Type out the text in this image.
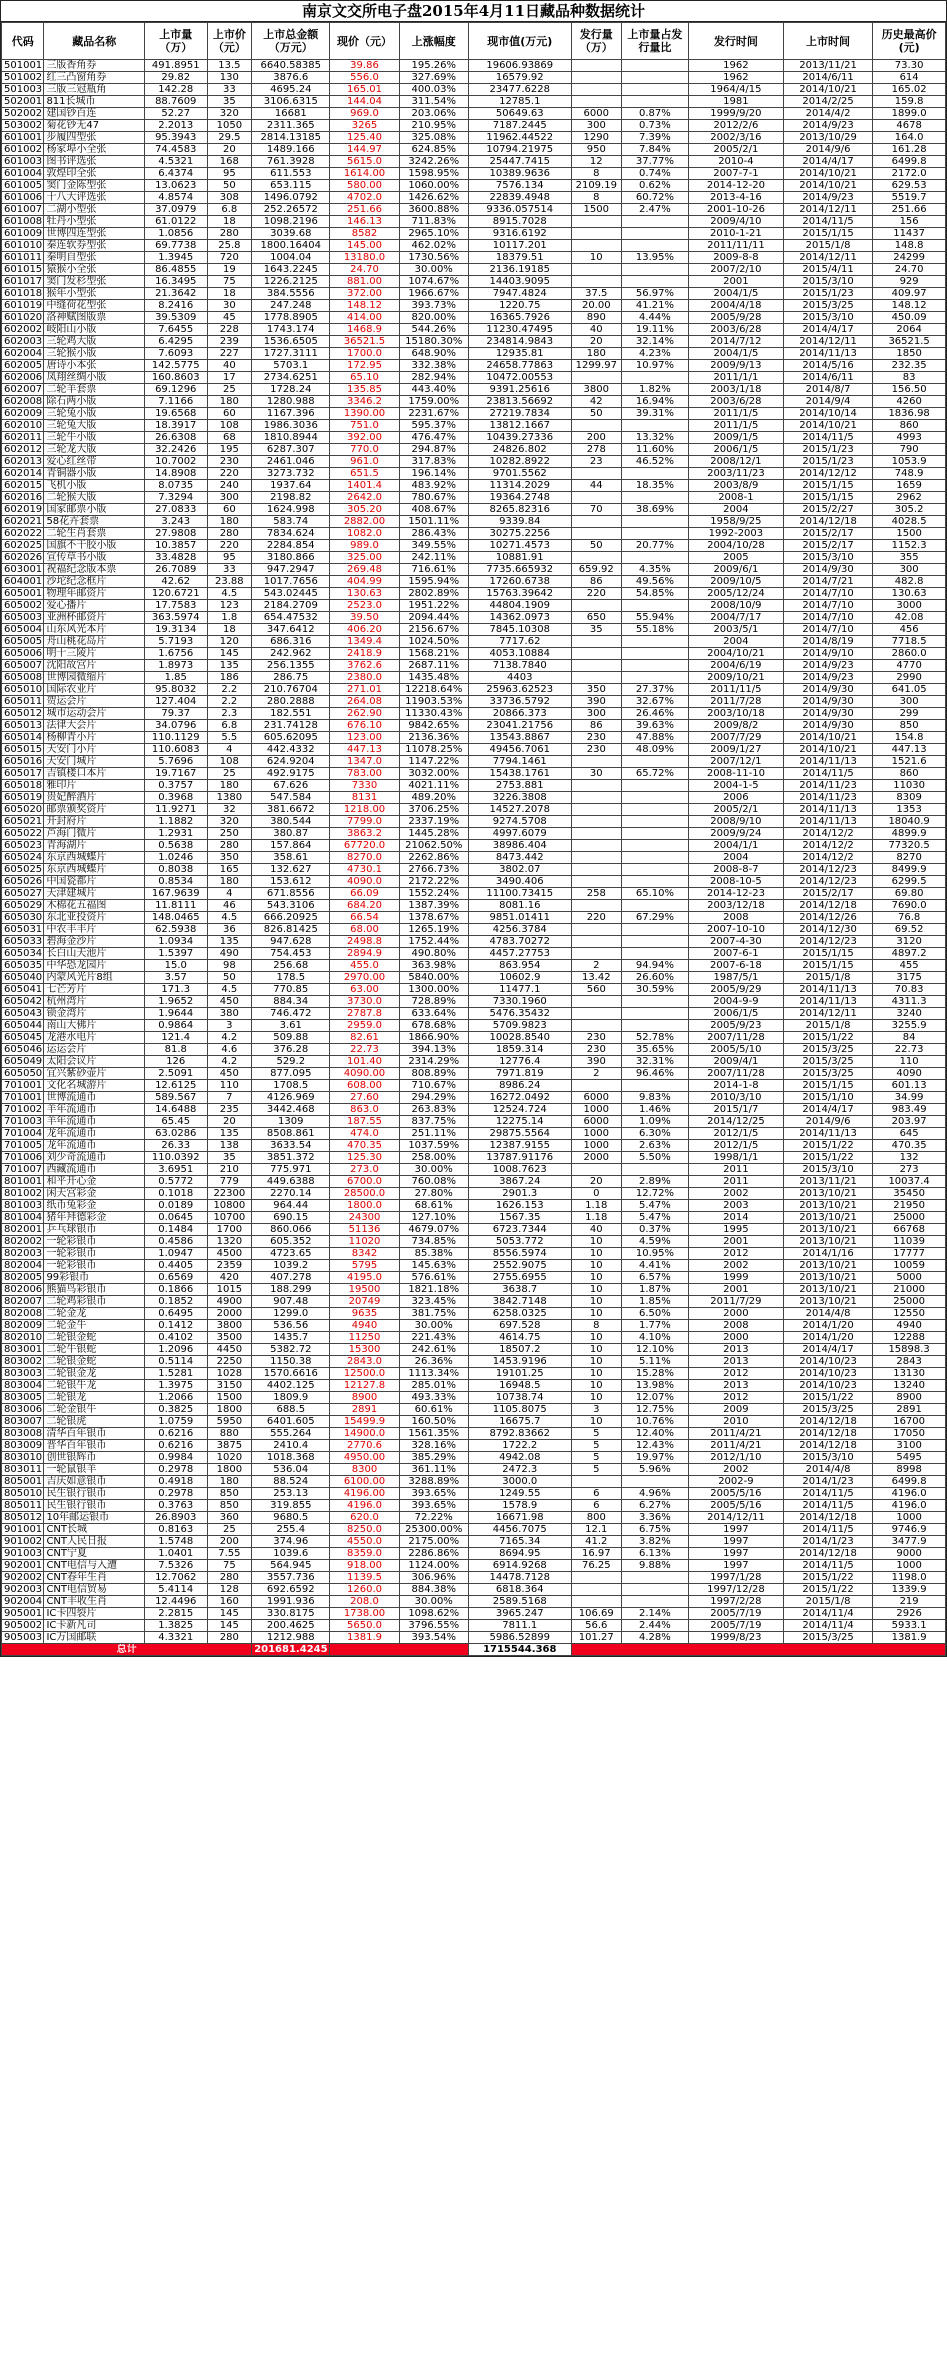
南京文交所电子盘2015年4月11日藏品种数据统计
代码	藏品名称	上市量（万）	上市价（元）	上市总金额（万元）	现价（元）	上涨幅度	现市值(万元)	发行量（万）	上市量占发行量比	发行时间	上市时间	历史最高价(元)
501001	三版香角券	491.8951	13.5	6640.58385	39.86	195.26%	19606.93869			1962	2013/11/21	73.30
501002	红三凸窗角券	29.82	130	3876.6	556.0	327.69%	16579.92			1962	2014/6/11	614
501003	三版三冠瓶角	142.28	33	4695.24	165.01	400.03%	23477.6228			1964/4/15	2014/10/21	165.02
502001	811长城币	88.7609	35	3106.6315	144.04	311.54%	12785.1			1981	2014/2/25	159.8
502002	建国钞百连	52.27	320	16681	969.0	203.06%	50649.63	6000	0.87%	1999/9/20	2014/4/2	1899.0
503002	菊花钞无47	2.2013	1050	2311.365	3265	210.95%	7187.2445	300	0.73%	2012/2/6	2014/9/23	4678
601001	步履四型张	95.3943	29.5	2814.13185	125.40	325.08%	11962.44522	1290	7.39%	2002/3/16	2013/10/29	164.0
601002	杨家埠小全张	74.4583	20	1489.166	144.97	624.85%	10794.21975	950	7.84%	2005/2/1	2014/9/6	161.28
601003	图书评选张	4.5321	168	761.3928	5615.0	3242.26%	25447.7415	12	37.77%	2010-4	2014/4/17	6499.8
601004	敦煌印全张	6.4374	95	611.553	1614.00	1598.95%	10389.9636	8	0.74%	2007-7-1	2014/10/21	2172.0
601005	窦门金陈型张	13.0623	50	653.115	580.00	1060.00%	7576.134	2109.19	0.62%	2014-12-20	2014/10/21	629.53
601006	十八大评选张	4.8574	308	1496.0792	4702.0	1426.62%	22839.4948	8	60.72%	2013-4-16	2014/9/23	5519.7
601007	二湖小型张	37.0979	6.8	252.26572	251.66	3600.88%	9336.057514	1500	2.47%	2001-10-26	2014/12/11	251.66
601008	牡丹小型张	61.0122	18	1098.2196	146.13	711.83%	8915.7028			2009/4/10	2014/11/5	156
601009	世博四连型张	1.0856	280	3039.68	8582	2965.10%	9316.6192			2010-1-21	2015/1/15	11437
601010	秦连软券型张	69.7738	25.8	1800.16404	145.00	462.02%	10117.201			2011/11/11	2015/1/8	148.8
601011	秦明自型张	1.3945	720	1004.04	13180.0	1730.56%	18379.51	10	13.95%	2009-8-8	2014/12/11	24299
601015	猿猴小全张	86.4855	19	1643.2245	24.70	30.00%	2136.19185			2007/2/10	2015/4/11	24.70
601017	窦门发杉型张	16.3495	75	1226.2125	881.00	1074.67%	14403.9095			2001	2015/3/10	929
601018	猴年小型张	21.3642	18	384.5556	372.00	1966.67%	7947.4824	37.5	56.97%	2004/1/5	2015/1/23	409.97
601019	中缝荷花型张	8.2416	30	247.248	148.12	393.73%	1220.75	20.00	41.21%	2004/4/18	2015/3/25	148.12
601020	洛神赋图版票	39.5309	45	1778.8905	414.00	820.00%	16365.7926	890	4.44%	2005/9/28	2015/3/10	450.09
602002	岐阳山小版	7.6455	228	1743.174	1468.9	544.26%	11230.47495	40	19.11%	2003/6/28	2014/4/17	2064
602003	三轮鸡大版	6.4295	239	1536.6505	36521.5	15180.30%	234814.9843	20	32.14%	2014/7/12	2014/12/11	36521.5
602004	三轮猴小版	7.6093	227	1727.3111	1700.0	648.90%	12935.81	180	4.23%	2004/1/5	2014/11/13	1850
602005	唐诗小本张	142.5775	40	5703.1	172.95	332.38%	24658.77863	1299.97	10.97%	2009/9/13	2014/5/16	232.35
602006	凤翔丝绸小版	160.8603	17	2734.6251	65.10	282.94%	10472.00553			2011/1/1	2014/6/11	83
602007	二轮羊套票	69.1296	25	1728.24	135.85	443.40%	9391.25616	3800	1.82%	2003/1/18	2014/8/7	156.50
602008	除石两小版	7.1166	180	1280.988	3346.2	1759.00%	23813.56692	42	16.94%	2003/6/28	2014/9/4	4260
602009	三轮兔小版	19.6568	60	1167.396	1390.00	2231.67%	27219.7834	50	39.31%	2011/1/5	2014/10/14	1836.98
602010	三轮兔大版	18.3917	108	1986.3036	751.0	595.37%	13812.1667			2011/1/5	2014/10/21	860
602011	三轮牛小版	26.6308	68	1810.8944	392.00	476.47%	10439.27336	200	13.32%	2009/1/5	2014/11/5	4993
602012	三轮龙大版	32.2426	195	6287.307	770.0	294.87%	24826.802	278	11.60%	2006/1/5	2015/1/23	790
602013	爱心红丝带	10.7002	230	2461.046	961.0	317.83%	10282.8922	23	46.52%	2008/12/1	2015/1/23	1053.9
602014	青铜器小版	14.8908	220	3273.732	651.5	196.14%	9701.5562			2003/11/23	2014/12/12	748.9
602015	飞机小版	8.0735	240	1937.64	1401.4	483.92%	11314.2029	44	18.35%	2003/8/9	2015/1/15	1659
602016	二轮猴大版	7.3294	300	2198.82	2642.0	780.67%	19364.2748			2008-1	2015/1/15	2962
602019	国家邮票小版	27.0833	60	1624.998	305.20	408.67%	8265.82316	70	38.69%	2004	2015/2/27	305.2
602021	58花卉套票	3.243	180	583.74	2882.00	1501.11%	9339.84			1958/9/25	2014/12/18	4028.5
602022	二轮生肖套票	27.9808	280	7834.624	1082.0	286.43%	30275.2256			1992-2003	2015/2/17	1500
602025	国旗不干胶小版	10.3857	220	2284.854	989.0	349.55%	10271.4573	50	20.77%	2004/10/28	2015/2/17	1152.3
602026	宣传草书小版	33.4828	95	3180.866	325.00	242.11%	10881.91			2005	2015/3/10	355
603001	祝福纪念版本票	26.7089	33	947.2947	269.48	716.61%	7735.665932	659.92	4.35%	2009/6/1	2014/9/30	300
604001	沙坨纪念框片	42.62	23.88	1017.7656	404.99	1595.94%	17260.6738	86	49.56%	2009/10/5	2014/7/21	482.8
605001	物理年邮资片	120.6721	4.5	543.02445	130.63	2802.89%	15763.39642	220	54.85%	2005/12/24	2014/7/10	130.63
605002	爱心播片	17.7583	123	2184.2709	2523.0	1951.22%	44804.1909			2008/10/9	2014/7/10	3000
605003	亚洲杯邮资片	363.5974	1.8	654.47532	39.50	2094.44%	14362.0973	650	55.94%	2004/7/17	2014/7/10	42.08
605004	山东风光本片	19.3134	18	347.6412	406.20	2156.67%	7845.10308	35	55.18%	2003/5/1	2014/7/10	456
605005	舟山桃花岛片	5.7193	120	686.316	1349.4	1024.50%	7717.62			2004	2014/8/19	7718.5
605006	明十三陵片	1.6756	145	242.962	2418.9	1568.21%	4053.10884			2004/10/21	2014/9/10	2860.0
605007	沈阳故宫片	1.8973	135	256.1355	3762.6	2687.11%	7138.7840			2004/6/19	2014/9/23	4770
605008	世博园微缩片	1.85	186	286.75	2380.0	1435.48%	4403			2009/10/21	2014/9/23	2990
605010	国际农业片	95.8032	2.2	210.76704	271.01	12218.64%	25963.62523	350	27.37%	2011/11/5	2014/9/30	641.05
605011	贺运会片	127.404	2.2	280.2888	264.08	11903.53%	33736.5792	390	32.67%	2011/7/28	2014/9/30	300
605012	城市运动会片	79.37	2.3	182.551	262.90	11330.43%	20866.373	300	26.46%	2003/10/18	2014/9/30	299
605013	法律大会片	34.0796	6.8	231.74128	676.10	9842.65%	23041.21756	86	39.63%	2009/8/2	2014/9/30	850
605014	杨柳青小片	110.1129	5.5	605.62095	123.00	2136.36%	13543.8867	230	47.88%	2007/7/29	2014/10/21	154.8
605015	天安门小片	110.6083	4	442.4332	447.13	11078.25%	49456.7061	230	48.09%	2009/1/27	2014/10/21	447.13
605016	天安门城片	5.7696	108	624.9204	1347.0	1147.22%	7794.1461			2007/12/1	2014/11/13	1521.6
605017	吉镇楼口本片	19.7167	25	492.9175	783.00	3032.00%	15438.1761	30	65.72%	2008-11-10	2014/11/5	860
605018	雅印片	0.3757	180	67.626	7330	4021.11%	2753.881			2004-1-5	2014/11/23	11030
605019	贵妃醉酒片	0.3968	1380	547.584	8131	489.20%	3226.3808			2006	2014/11/23	8309
605020	邮票颁奖资片	11.9271	32	381.6672	1218.00	3706.25%	14527.2078			2005/2/1	2014/11/13	1353
605021	开封府片	1.1882	320	380.544	7799.0	2337.19%	9274.5708			2008/9/10	2014/11/13	18040.9
605022	芦海门微片	1.2931	250	380.87	3863.2	1445.28%	4997.6079			2009/9/24	2014/12/2	4899.9
605023	青海湖片	0.5638	280	157.864	67720.0	21062.50%	38986.404			2004/1/1	2014/12/2	77320.5
605024	东京西城蝶片	1.0246	350	358.61	8270.0	2262.86%	8473.442			2004	2014/12/2	8270
605025	东京西城蝶片	0.8038	165	132.627	4730.1	2766.73%	3802.07			2008-8-7	2014/12/23	8499.9
605026	中国瓷都片	0.8534	180	153.612	4090.0	2172.22%	3490.406			2008-10-5	2014/12/23	6299.5
605027	天津建城片	167.9639	4	671.8556	66.09	1552.24%	11100.73415	258	65.10%	2014-12-23	2015/2/17	69.80
605029	木棉花五福图	11.8111	46	543.3106	684.20	1387.39%	8081.16			2003/12/18	2014/12/18	7690.0
605030	东北亚投资片	148.0465	4.5	666.20925	66.54	1378.67%	9851.01411	220	67.29%	2008	2014/12/26	76.8
605031	中农丰丰片	62.5938	36	826.81425	68.00	1265.19%	4256.3784			2007-10-10	2014/12/30	69.52
605033	碧海金沙片	1.0934	135	947.628	2498.8	1752.44%	4783.70272			2007-4-30	2014/12/23	3120
605034	长白山天池片	1.5397	490	754.453	2894.9	490.80%	4457.27753			2007-6-1	2015/1/15	4897.2
605035	中华恐龙园片	15.0	98	256.68	455.0	363.98%	863.954	2	94.94%	2007-6-18	2015/1/15	455
605040	内蒙风光片8组	3.57	50	178.5	2970.00	5840.00%	10602.9	13.42	26.60%	1987/5/1	2015/1/8	3175
605041	七芒芳片	171.3	4.5	770.85	63.00	1300.00%	11477.1	560	30.59%	2005/9/29	2014/11/13	70.83
605042	杭州湾片	1.9652	450	884.34	3730.0	728.89%	7330.1960			2004-9-9	2014/11/13	4311.3
605043	锁金湾片	1.9644	380	746.472	2787.8	633.64%	5476.35432			2006/1/5	2014/12/11	3240
605044	南山大佛片	0.9864	3	3.61	2959.0	678.68%	5709.9823			2005/9/23	2015/1/8	3255.9
605045	龙港水电片	121.4	4.2	509.88	82.61	1866.90%	10028.8540	230	52.78%	2007/11/28	2015/1/22	84
605046	运运会片	81.8	4.6	376.28	22.73	394.13%	1859.314	230	35.65%	2005/5/10	2015/3/25	22.73
605049	太阳会议片	126	4.2	529.2	101.40	2314.29%	12776.4	390	32.31%	2009/4/1	2015/3/25	110
605050	宜兴紫砂壶片	2.5091	450	877.095	4090.00	808.89%	7971.819	2	96.46%	2007/11/28	2015/3/25	4090
701001	文化名城游片	12.6125	110	1708.5	608.00	710.67%	8986.24			2014-1-8	2015/1/15	601.13
701001	世博流通币	589.567	7	4126.969	27.60	294.29%	16272.0492	6000	9.83%	2010/3/10	2015/1/10	34.99
701002	羊年流通币	14.6488	235	3442.468	863.0	263.83%	12524.724	1000	1.46%	2015/1/7	2014/4/17	983.49
701003	羊年流通币	65.45	20	1309	187.55	837.75%	12275.14	6000	1.09%	2014/12/25	2014/9/6	203.97
701004	龙年流通币	63.0286	135	8508.861	474.0	251.11%	29875.5564	1000	6.30%	2012/1/5	2014/11/13	645
701005	龙年流通币	26.33	138	3633.54	470.35	1037.59%	12387.9155	1000	2.63%	2012/1/5	2015/1/22	470.35
701006	刘少奇流通币	110.0392	35	3851.372	125.30	258.00%	13787.91176	2000	5.50%	1998/1/1	2015/1/22	132
701007	西藏流通币	3.6951	210	775.971	273.0	30.00%	1008.7623			2011	2015/3/10	273
801001	和平开心金	0.5772	779	449.6388	6700.0	760.08%	3867.24	20	2.89%	2011	2013/11/21	10037.4
801002	闲天宫彩金	0.1018	22300	2270.14	28500.0	27.80%	2901.3	0	12.72%	2002	2013/10/21	35450
801003	纸币兔彩金	0.0189	10800	964.44	1800.0	68.61%	1626.153	1.18	5.47%	2003	2013/10/21	21950
801004	猪年拜德彩金	0.0645	10700	690.15	24300	127.10%	1567.35	1.18	5.47%	2014	2013/10/21	25000
802001	乒乓球银币	0.1484	1700	860.066	51136	4679.07%	6723.7344	40	0.37%	1995	2013/10/21	66768
802002	一轮彩银币	0.4586	1320	605.352	11020	734.85%	5053.772	10	4.59%	2001	2013/10/21	11039
802003	一轮彩银币	1.0947	4500	4723.65	8342	85.38%	8556.5974	10	10.95%	2012	2014/1/16	17777
802004	一轮彩银币	0.4405	2359	1039.2	5795	145.63%	2552.9075	10	4.41%	2002	2013/10/21	10059
802005	99彩银币	0.6569	420	407.278	4195.0	576.61%	2755.6955	10	6.57%	1999	2013/10/21	5000
802006	熊猫鸟彩银币	0.1866	1015	188.299	19500	1821.18%	3638.7	10	1.87%	2001	2013/10/21	21000
802007	二轮鸡彩银币	0.1852	4900	907.48	20749	323.45%	3842.7148	10	1.85%	2011/7/29	2013/10/21	25000
802008	二轮金龙	0.6495	2000	1299.0	9635	381.75%	6258.0325	10	6.50%	2000	2014/4/8	12550
802009	二轮金牛	0.1412	3800	536.56	4940	30.00%	697.528	8	1.77%	2008	2014/1/20	4940
802010	二轮银金蛇	0.4102	3500	1435.7	11250	221.43%	4614.75	10	4.10%	2000	2014/1/20	12288
803001	二轮牛银蛇	1.2096	4450	5382.72	15300	242.61%	18507.2	10	12.10%	2013	2014/4/17	15898.3
803002	二轮银金蛇	0.5114	2250	1150.38	2843.0	26.36%	1453.9196	10	5.11%	2013	2014/10/23	2843
803003	二轮银金龙	1.5281	1028	1570.6616	12500.0	1113.34%	19101.25	10	15.28%	2012	2014/10/23	13130
803004	二轮银牛龙	1.3975	3150	4402.125	12127.8	285.01%	16948.5	10	13.98%	2013	2014/10/23	13240
803005	二轮银龙	1.2066	1500	1809.9	8900	493.33%	10738.74	10	12.07%	2012	2015/1/22	8900
803006	二轮金银牛	0.3825	1800	688.5	2891	60.61%	1105.8075	3	12.75%	2009	2015/3/25	2891
803007	二轮银虎	1.0759	5950	6401.605	15499.9	160.50%	16675.7	10	10.76%	2010	2014/12/18	16700
803008	清华百年银币	0.6216	880	555.264	14900.0	1561.35%	8792.83662	5	12.40%	2011/4/21	2014/12/18	17050
803009	普华百年银币	0.6216	3875	2410.4	2770.6	328.16%	1722.2	5	12.43%	2011/4/21	2014/12/18	3100
803010	创世银辉币	0.9984	1020	1018.368	4950.00	385.29%	4942.08	5	19.97%	2012/1/10	2015/3/10	5495
803011	一轮鼠银羊	0.2978	1800	536.04	8300	361.11%	2472.3	5	5.96%	2002	2014/4/8	8998
805001	吉庆如意银币	0.4918	180	88.524	6100.00	3288.89%	3000.0			2002-9	2014/1/23	6499.8
805010	民生银行银币	0.2978	850	253.13	4196.00	393.65%	1249.55	6	4.96%	2005/5/16	2014/11/5	4196.0
805011	民生银行银币	0.3763	850	319.855	4196.0	393.65%	1578.9	6	6.27%	2005/5/16	2014/11/5	4196.0
805012	10年邮运银币	26.8903	360	9680.5	620.0	72.22%	16671.98	800	3.36%	2014/12/11	2014/12/18	1000
901001	CNT长城	0.8163	25	255.4	8250.0	25300.00%	4456.7075	12.1	6.75%	1997	2014/11/5	9746.9
901002	CNT人民日报	1.5748	200	374.96	4550.0	2175.00%	7165.34	41.2	3.82%	1997	2014/1/23	3477.9
901003	CNT宁夏	1.0401	7.55	1039.6	8359.0	2286.86%	8694.95	16.97	6.13%	1997	2014/12/18	9000
902001	CNT电信与入遭	7.5326	75	564.945	918.00	1124.00%	6914.9268	76.25	9.88%	1997	2014/11/5	1000
902002	CNT春年生肖	12.7062	280	3557.736	1139.5	306.96%	14478.7128			1997/1/28	2015/1/22	1198.0
902003	CNT电信贸易	5.4114	128	692.6592	1260.0	884.38%	6818.364			1997/12/28	2015/1/22	1339.9
902004	CNT丰收生肖	12.4496	160	1991.936	208.0	30.00%	2589.5168			1997/2/28	2015/1/8	219
905001	IC卡四裂片	2.2815	145	330.8175	1738.00	1098.62%	3965.247	106.69	2.14%	2005/7/19	2014/11/4	2926
905002	IC卡新凡司	1.3825	145	200.4625	5650.0	3796.55%	7811.1	56.6	2.44%	2005/7/19	2014/11/4	5933.1
905003	IC万国邮联	4.3321	280	1212.988	1381.9	393.54%	5986.52899	101.27	4.28%	1999/8/23	2015/3/25	1381.9
总计				201681.4245			1715544.368					
